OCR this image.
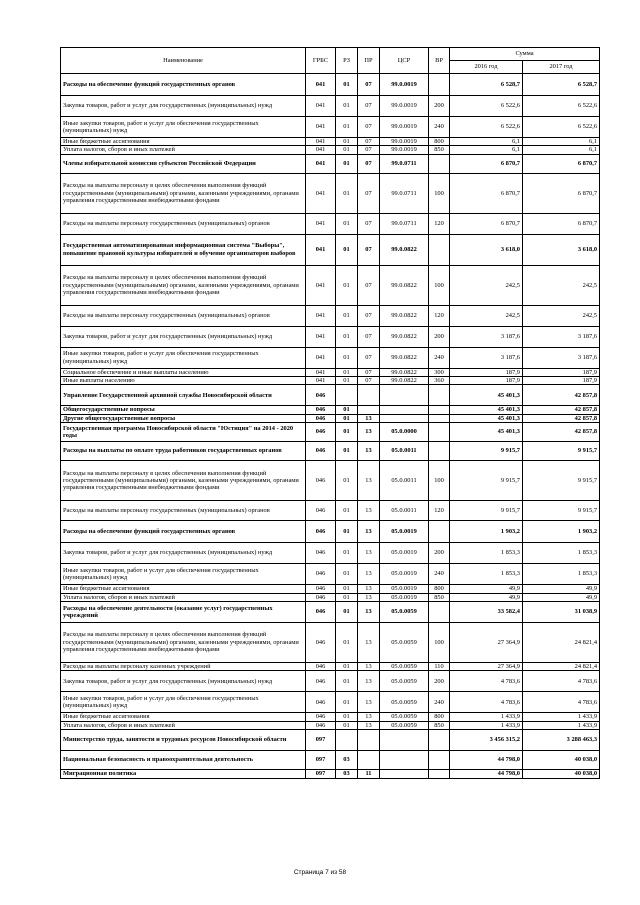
Наименование	ГРБС	РЗ	ПР	ЦСР	ВР	Сумма	
						2016 год	2017 год
Расходы на обеспечение функций государственных органов	041	01	07	99.0.0019		6 528,7	6 528,7
Закупка товаров, работ и услуг для государственных (муниципальных) нужд	041	01	07	99.0.0019	200	6 522,6	6 522,6
Иные закупки товаров, работ и услуг для обеспечения государственных (муниципальных) нужд	041	01	07	99.0.0019	240	6 522,6	6 522,6
Иные бюджетные ассигнования	041	01	07	99.0.0019	800	6,1	6,1
Уплата налогов, сборов и иных платежей	041	01	07	99.0.0019	850	6,1	6,1
Члены избирательной комиссии субъектов Российской Федерации	041	01	07	99.0.0711		6 870,7	6 870,7
Расходы на выплаты персоналу в целях обеспечения выполнения функций государственными (муниципальными) органами, казенными учреждениями, органами управления государственными внебюджетными фондами	041	01	07	99.0.0711	100	6 870,7	6 870,7
Расходы на выплаты персоналу государственных (муниципальных) органов	041	01	07	99.0.0711	120	6 870,7	6 870,7
Государственная автоматизированная информационная система "Выборы", повышение правовой культуры избирателей и обучение организаторов выборов	041	01	07	99.0.0822		3 618,0	3 618,0
Расходы на выплаты персоналу в целях обеспечения выполнения функций государственными (муниципальными) органами, казенными учреждениями, органами управления государственными внебюджетными фондами	041	01	07	99.0.0822	100	242,5	242,5
Расходы на выплаты персоналу государственных (муниципальных) органов	041	01	07	99.0.0822	120	242,5	242,5
Закупка товаров, работ и услуг для государственных (муниципальных) нужд	041	01	07	99.0.0822	200	3 187,6	3 187,6
Иные закупки товаров, работ и услуг для обеспечения государственных (муниципальных) нужд	041	01	07	99.0.0822	240	3 187,6	3 187,6
Социальное обеспечение и иные выплаты населению	041	01	07	99.0.0822	300	187,9	187,9
Иные выплаты населению	041	01	07	99.0.0822	360	187,9	187,9
Управление Государственной архивной службы Новосибирской области	046					45 401,3	42 857,8
Общегосударственные вопросы	046	01				45 401,3	42 857,8
Другие общегосударственные вопросы	046	01	13			45 401,3	42 857,8
Государственная программа Новосибирской области "Юстиция" на 2014 - 2020 годы	046	01	13	05.0.0000		45 401,3	42 857,8
Расходы на выплаты по оплате труда работников государственных органов	046	01	13	05.0.0011		9 915,7	9 915,7
Расходы на выплаты персоналу в целях обеспечения выполнения функций государственными (муниципальными) органами, казенными учреждениями, органами управления государственными внебюджетными фондами	046	01	13	05.0.0011	100	9 915,7	9 915,7
Расходы на выплаты персоналу государственных (муниципальных) органов	046	01	13	05.0.0011	120	9 915,7	9 915,7
Расходы на обеспечение функций государственных органов	046	01	13	05.0.0019		1 903,2	1 903,2
Закупка товаров, работ и услуг для государственных (муниципальных) нужд	046	01	13	05.0.0019	200	1 853,3	1 853,3
Иные закупки товаров, работ и услуг для обеспечения государственных (муниципальных) нужд	046	01	13	05.0.0019	240	1 853,3	1 853,3
Иные бюджетные ассигнования	046	01	13	05.0.0019	800	49,9	49,9
Уплата налогов, сборов и иных платежей	046	01	13	05.0.0019	850	49,9	49,9
Расходы на обеспечение деятельности (оказание услуг) государственных учреждений	046	01	13	05.0.0059		33 582,4	31 038,9
Расходы на выплаты персоналу в целях обеспечения выполнения функций государственными (муниципальными) органами, казенными учреждениями, органами управления государственными внебюджетными фондами	046	01	13	05.0.0059	100	27 364,9	24 821,4
Расходы на выплаты персоналу казенных учреждений	046	01	13	05.0.0059	110	27 364,9	24 821,4
Закупка товаров, работ и услуг для государственных (муниципальных) нужд	046	01	13	05.0.0059	200	4 783,6	4 783,6
Иные закупки товаров, работ и услуг для обеспечения государственных (муниципальных) нужд	046	01	13	05.0.0059	240	4 783,6	4 783,6
Иные бюджетные ассигнования	046	01	13	05.0.0059	800	1 433,9	1 433,9
Уплата налогов, сборов и иных платежей	046	01	13	05.0.0059	850	1 433,9	1 433,9
Министерство труда, занятости и трудовых ресурсов Новосибирской области	097					3 456 315,2	3 288 463,3
Национальная безопасность и правоохранительная деятельность	097	03				44 798,0	40 038,0
Миграционная политика	097	03	11			44 798,0	40 038,0
Страница 7 из 58
